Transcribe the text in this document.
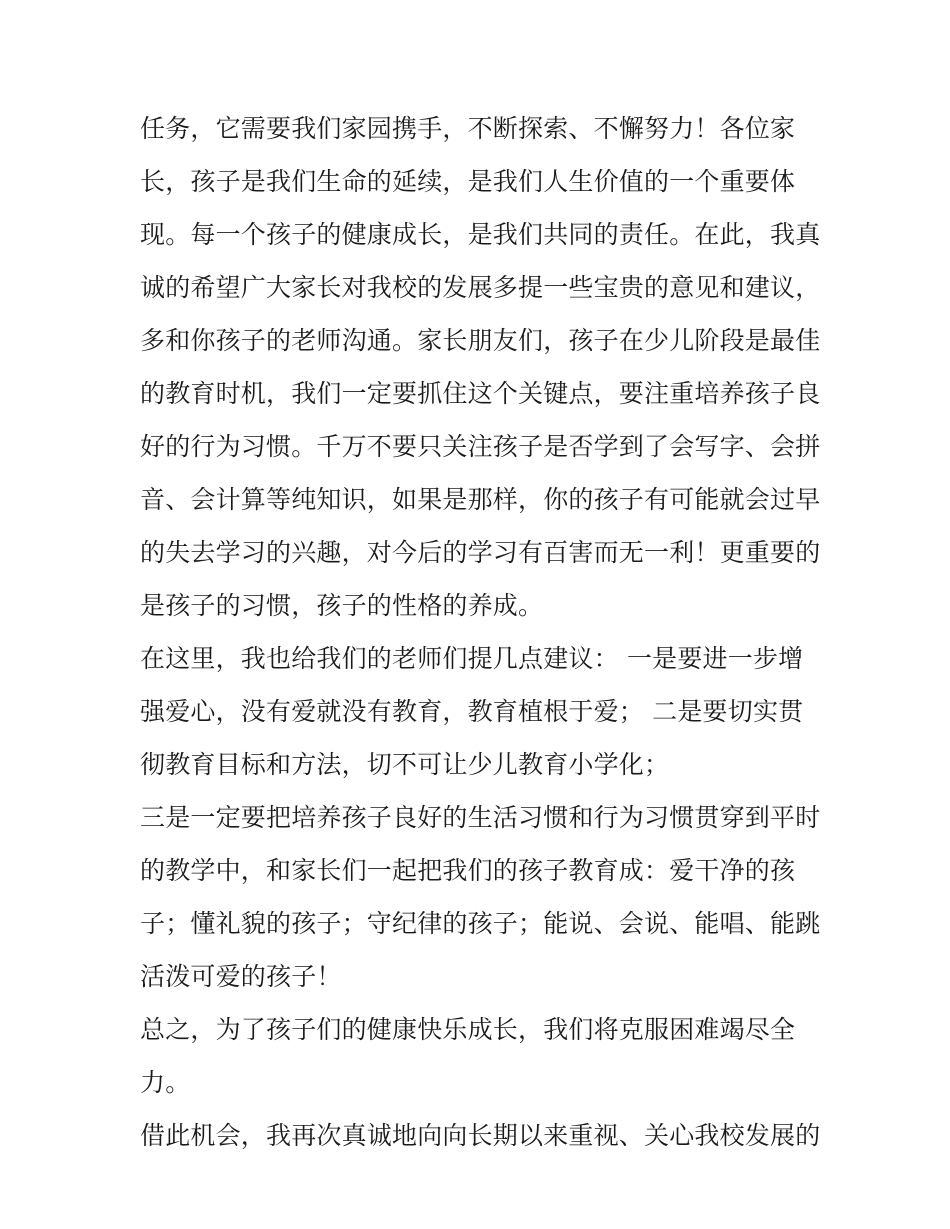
任务，它需要我们家园携手，不断探索、不懈努力！各位家
长，孩子是我们生命的延续，是我们人生价值的一个重要体
现。每一个孩子的健康成长，是我们共同的责任。在此，我真
诚的希望广大家长对我校的发展多提一些宝贵的意见和建议，
多和你孩子的老师沟通。家长朋友们，孩子在少儿阶段是最佳
的教育时机，我们一定要抓住这个关键点，要注重培养孩子良
好的行为习惯。千万不要只关注孩子是否学到了会写字、会拼
音、会计算等纯知识，如果是那样，你的孩子有可能就会过早
的失去学习的兴趣，对今后的学习有百害而无一利！更重要的
是孩子的习惯，孩子的性格的养成。
在这里，我也给我们的老师们提几点建议： 一是要进一步增
强爱心，没有爱就没有教育，教育植根于爱； 二是要切实贯
彻教育目标和方法，切不可让少儿教育小学化；
三是一定要把培养孩子良好的生活习惯和行为习惯贯穿到平时
的教学中，和家长们一起把我们的孩子教育成：爱干净的孩
子；懂礼貌的孩子；守纪律的孩子；能说、会说、能唱、能跳
活泼可爱的孩子！
总之，为了孩子们的健康快乐成长，我们将克服困难竭尽全
力。
借此机会，我再次真诚地向向长期以来重视、关心我校发展的
